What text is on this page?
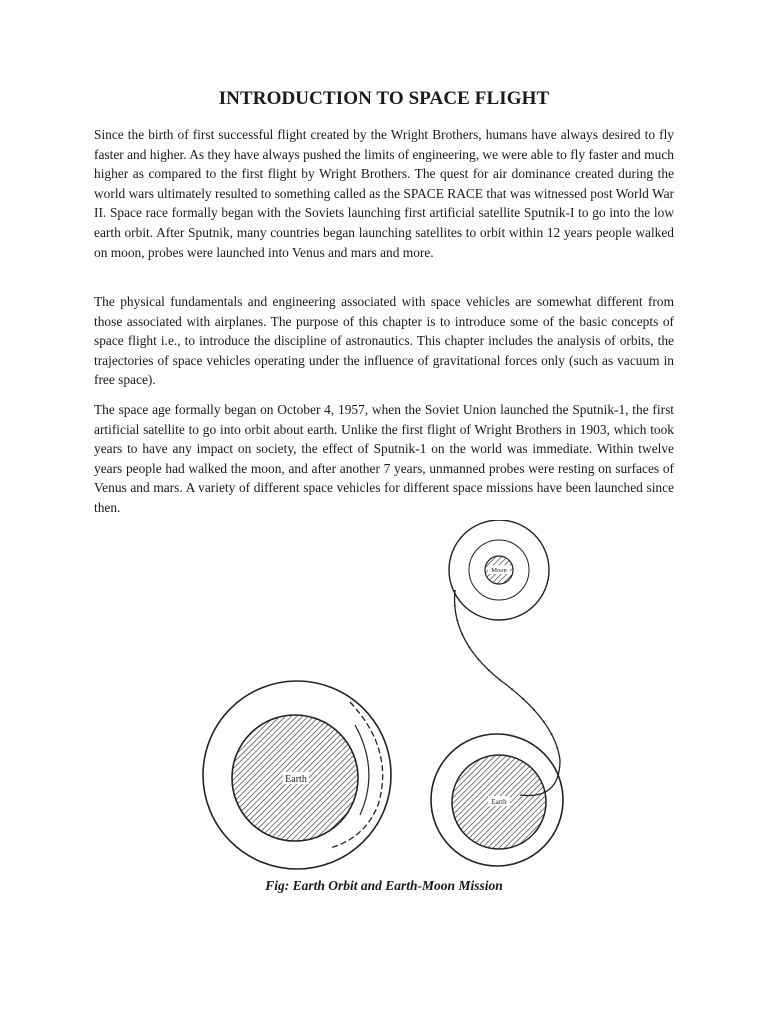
INTRODUCTION TO SPACE FLIGHT

Since the birth of first successful flight created by the Wright Brothers, humans have always desired to fly faster and higher. As they have always pushed the limits of engineering, we were able to fly faster and much higher as compared to the first flight by Wright Brothers. The quest for air dominance created during the world wars ultimately resulted to something called as the SPACE RACE that was witnessed post World War II. Space race formally began with the Soviets launching first artificial satellite Sputnik-I to go into the low earth orbit. After Sputnik, many countries began launching satellites to orbit within 12 years people walked on moon, probes were launched into Venus and mars and more.

The physical fundamentals and engineering associated with space vehicles are somewhat different from those associated with airplanes. The purpose of this chapter is to introduce some of the basic concepts of space flight i.e., to introduce the discipline of astronautics. This chapter includes the analysis of orbits, the trajectories of space vehicles operating under the influence of gravitational forces only (such as vacuum in free space).

The space age formally began on October 4, 1957, when the Soviet Union launched the Sputnik-1, the first artificial satellite to go into orbit about earth. Unlike the first flight of Wright Brothers in 1903, which took years to have any impact on society, the effect of Sputnik-1 on the world was immediate. Within twelve years people had walked the moon, and after another 7 years, unmanned probes were resting on surfaces of Venus and mars. A variety of different space vehicles for different space missions have been launched since then.

Earth
Moon
Earth
Fig: Earth Orbit and Earth-Moon Mission
